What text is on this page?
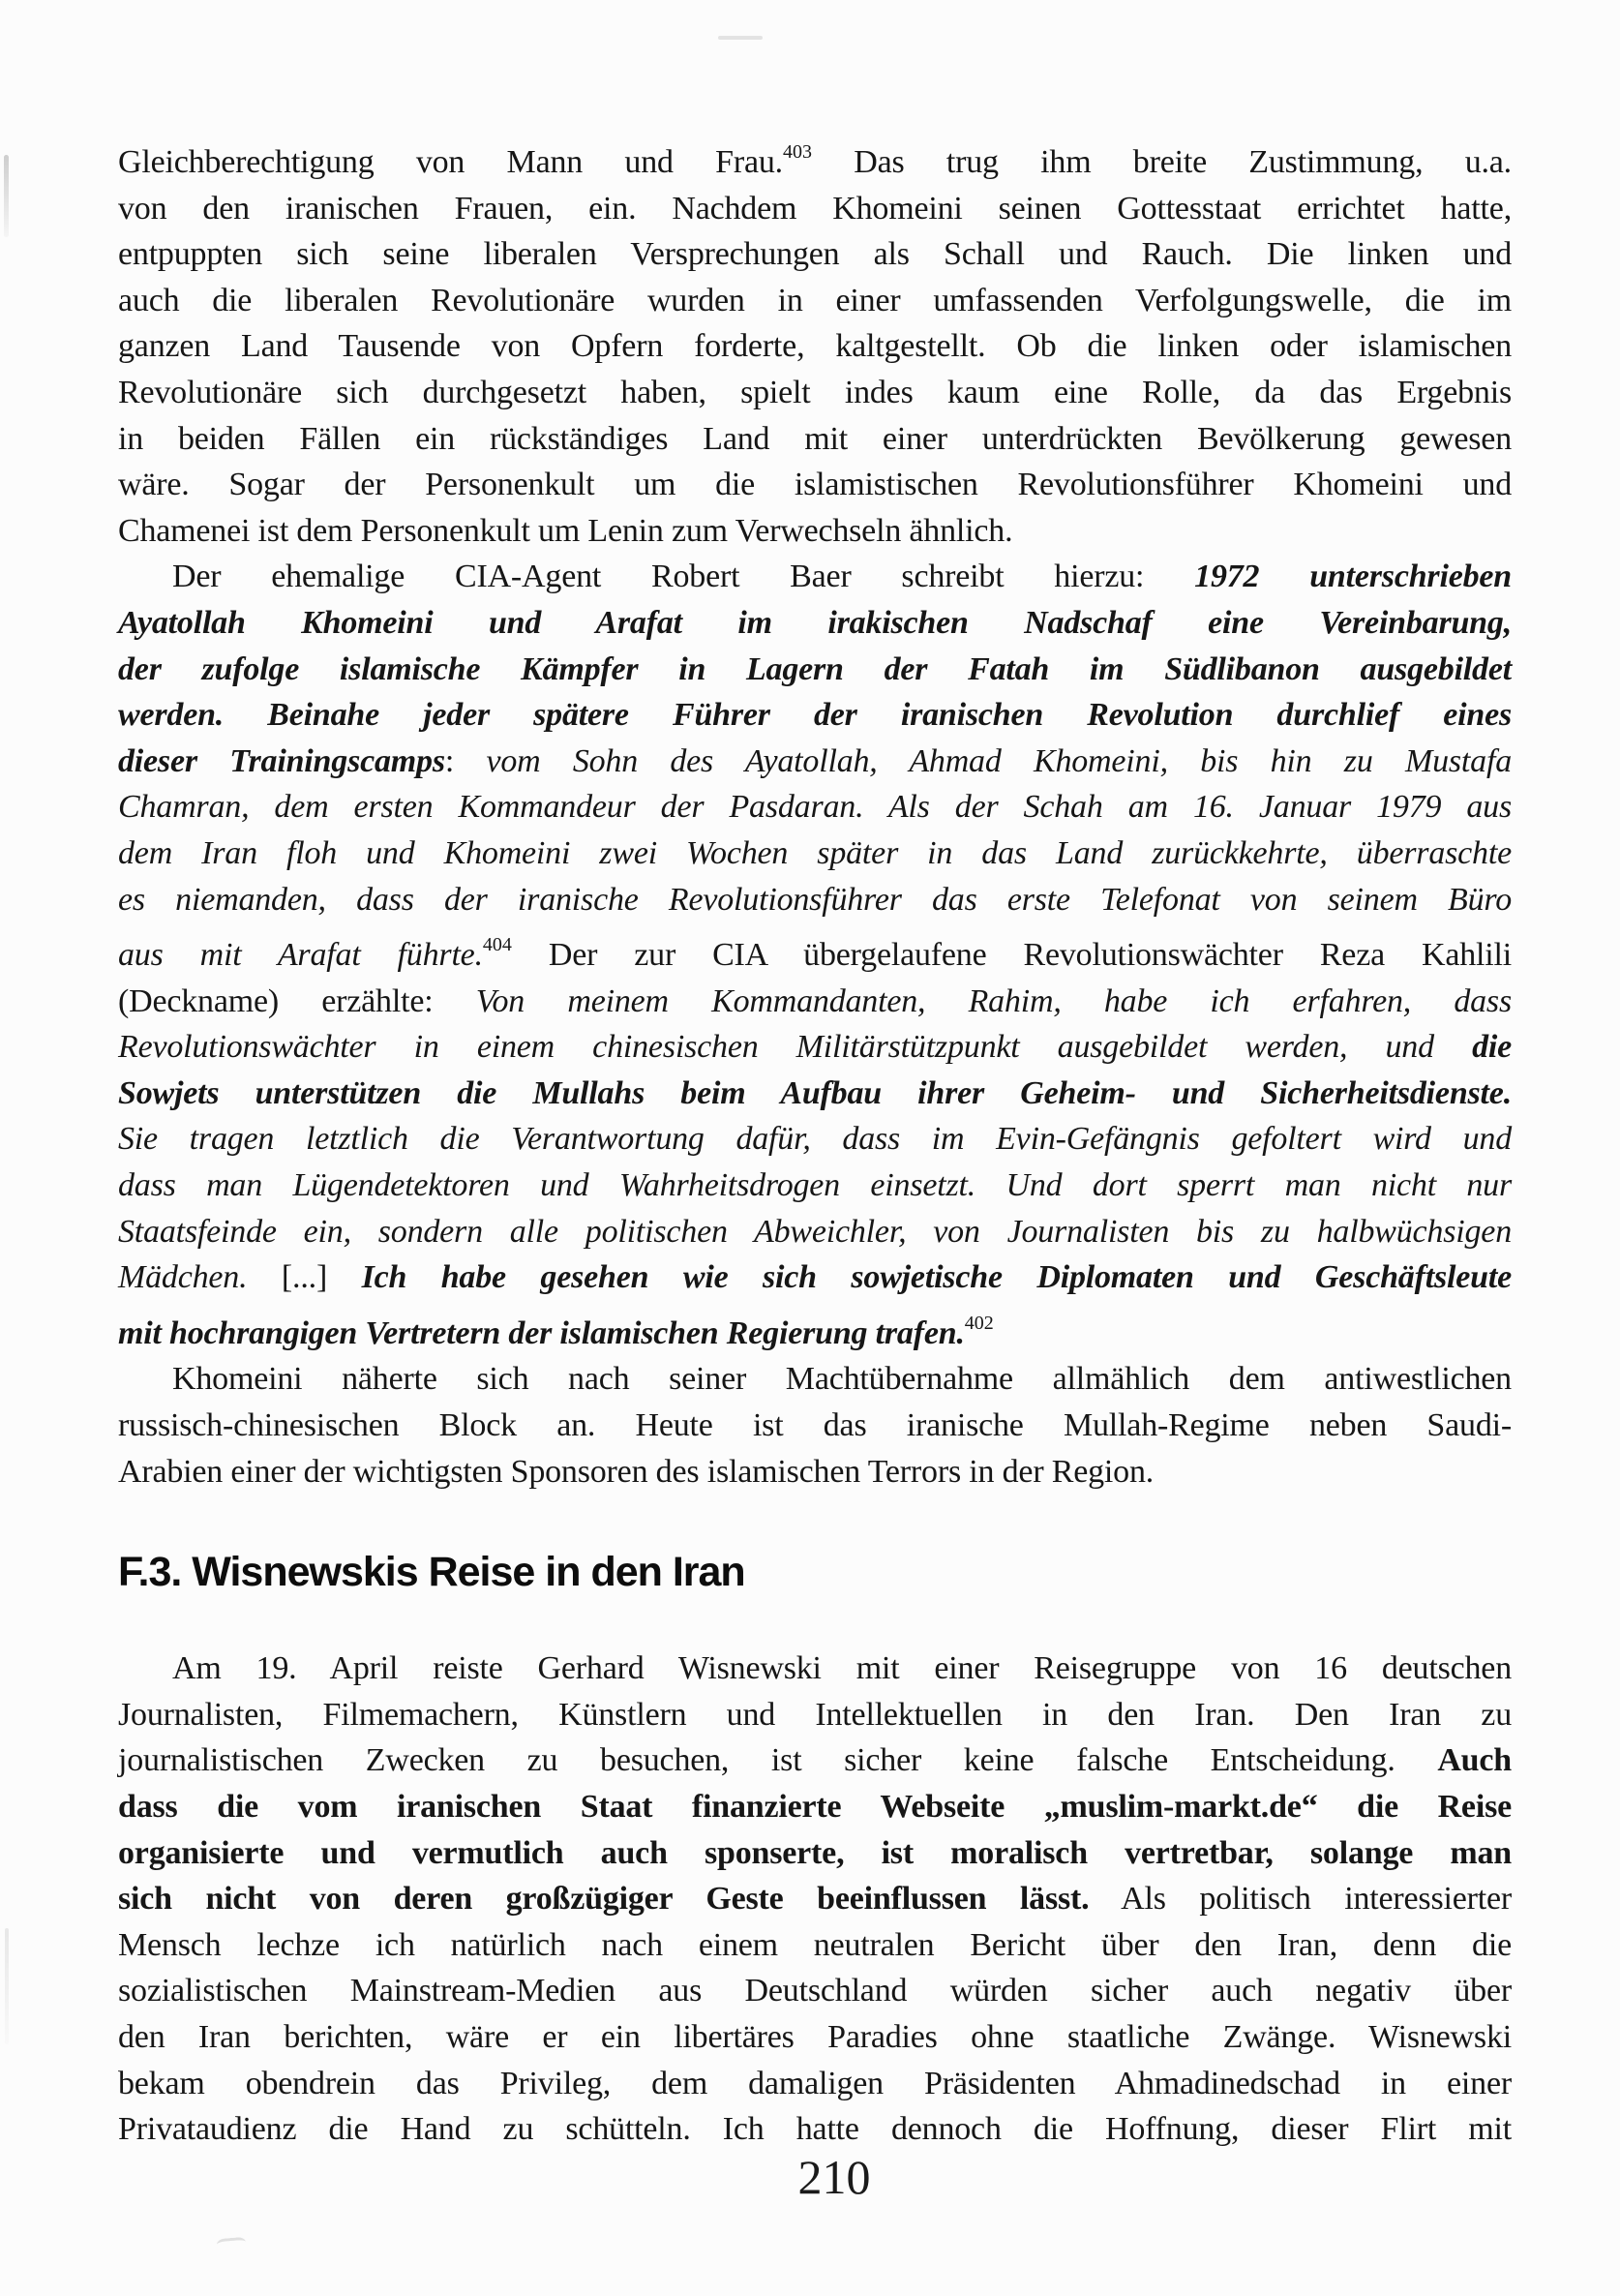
Gleichberechtigung von Mann und Frau.$^{403}$ Das trug ihm breite Zustimmung, u.a.
von den iranischen Frauen, ein. Nachdem Khomeini seinen Gottesstaat errichtet hatte,
entpuppten sich seine liberalen Versprechungen als Schall und Rauch. Die linken und
auch die liberalen Revolutionäre wurden in einer umfassenden Verfolgungswelle, die im
ganzen Land Tausende von Opfern forderte, kaltgestellt. Ob die linken oder islamischen
Revolutionäre sich durchgesetzt haben, spielt indes kaum eine Rolle, da das Ergebnis
in beiden Fällen ein rückständiges Land mit einer unterdrückten Bevölkerung gewesen
wäre. Sogar der Personenkult um die islamistischen Revolutionsführer Khomeini und
Chamenei ist dem Personenkult um Lenin zum Verwechseln ähnlich.
Der ehemalige CIA-Agent Robert Baer schreibt hierzu: 1972 unterschrieben
Ayatollah Khomeini und Arafat im irakischen Nadschaf eine Vereinbarung,
der zufolge islamische Kämpfer in Lagern der Fatah im Südlibanon ausgebildet
werden. Beinahe jeder spätere Führer der iranischen Revolution durchlief eines
dieser Trainingscamps: vom Sohn des Ayatollah, Ahmad Khomeini, bis hin zu Mustafa
Chamran, dem ersten Kommandeur der Pasdaran. Als der Schah am 16. Januar 1979 aus
dem Iran floh und Khomeini zwei Wochen später in das Land zurückkehrte, überraschte
es niemanden, dass der iranische Revolutionsführer das erste Telefonat von seinem Büro
aus mit Arafat führte.$^{404}$ Der zur CIA übergelaufene Revolutionswächter Reza Kahlili
(Deckname) erzählte: Von meinem Kommandanten, Rahim, habe ich erfahren, dass
Revolutionswächter in einem chinesischen Militärstützpunkt ausgebildet werden, und die
Sowjets unterstützen die Mullahs beim Aufbau ihrer Geheim- und Sicherheitsdienste.
Sie tragen letztlich die Verantwortung dafür, dass im Evin-Gefängnis gefoltert wird und
dass man Lügendetektoren und Wahrheitsdrogen einsetzt. Und dort sperrt man nicht nur
Staatsfeinde ein, sondern alle politischen Abweichler, von Journalisten bis zu halbwüchsigen
Mädchen. [...] Ich habe gesehen wie sich sowjetische Diplomaten und Geschäftsleute
mit hochrangigen Vertretern der islamischen Regierung trafen.$^{402}$
Khomeini näherte sich nach seiner Machtübernahme allmählich dem antiwestlichen
russisch-chinesischen Block an. Heute ist das iranische Mullah-Regime neben Saudi-
Arabien einer der wichtigsten Sponsoren des islamischen Terrors in der Region.
F.3. Wisnewskis Reise in den Iran
Am 19. April reiste Gerhard Wisnewski mit einer Reisegruppe von 16 deutschen
Journalisten, Filmemachern, Künstlern und Intellektuellen in den Iran. Den Iran zu
journalistischen Zwecken zu besuchen, ist sicher keine falsche Entscheidung. Auch
dass die vom iranischen Staat finanzierte Webseite „muslim-markt.de“ die Reise
organisierte und vermutlich auch sponserte, ist moralisch vertretbar, solange man
sich nicht von deren großzügiger Geste beeinflussen lässt. Als politisch interessierter
Mensch lechze ich natürlich nach einem neutralen Bericht über den Iran, denn die
sozialistischen Mainstream-Medien aus Deutschland würden sicher auch negativ über
den Iran berichten, wäre er ein libertäres Paradies ohne staatliche Zwänge. Wisnewski
bekam obendrein das Privileg, dem damaligen Präsidenten Ahmadinedschad in einer
Privataudienz die Hand zu schütteln. Ich hatte dennoch die Hoffnung, dieser Flirt mit
210
